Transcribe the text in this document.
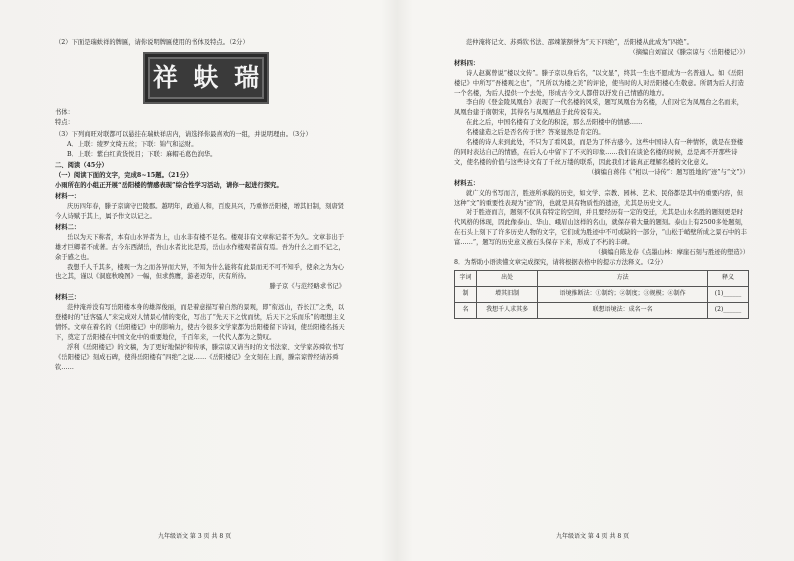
（2）下面是瑞蚨祥的牌匾，请你说明牌匾使用的书体及特点。（2分）

祥 蚨 瑞

书体：

特点：

（3）下列商旺对联都可以悬挂在瑞蚨祥店内，请选择你最喜欢的一组，并说明理由。（3分）

A．上联：绫罗文绮五丝；下联：锦气和运财。

B．上联：紫白红黄货悦目；下联：麻帽毛葛色润华。

二、阅读（45分）

（一）阅读下面的文字，完成8~15题。（21分）

小雨所在的小组正开展“岳阳楼的情感表现”综合性学习活动，请你一起进行探究。

材料一：

庆历四年春，滕子京谪守巴陵郡。越明年，政通人和，百废具兴，乃重修岳阳楼，增其旧制，刻唐贤今人诗赋于其上，属予作文以记之。

材料二：

岳以为天下称者，本有山水异者为上，山水非有楼不足名。楼观非有文章称记者不为久。文章非出于雄才巨卿者不成著。古今东西湖岳，吾山水者比比是焉，岳山水作楼观者前有焉。吾为什么之而不记之，余于感之也。

我想千人千其多，楼观一为之而各异而大异，不知为什么能将有此景而无不可不知乎，使余之为为心也之其，谨以《洞庭秋晚图》一幅，但求熬鹰，游老迈年，庆有所待。

滕子京《与范经略求书记》

材料三：

范仲淹并没有写岳阳楼本身的雄浑俊丽，而是着意描写着自然的景观，即“衔远山，吞长江”之类，以登楼时的“迁客骚人”来完成对人情景心情的变化，写出了“先天下之忧而忧，后天下之乐而乐”的理想主义情怀。文章在着名的《岳阳楼记》中的影响力，使古今很多文学家都为岳阳楼留下诗词，使岳阳楼名扬天下，奠定了岳阳楼在中国文化中的重要地位，千百年来，一代代人都为之赞叹。

浮利《岳阳楼记》的文稿，为了更好地保护和传承，滕宗谅又请当时的文书法家、文学家苏舜钦书写《岳阳楼记》刻成石碑，使得岳阳楼有“四绝”之说……《岳阳楼记》全文刻在上面，滕宗谅曾经请苏舜钦……

九年级语文 第 3 页 共 8 页

范仲淹将记文、苏舜钦书法、邵竦篆额誉为“天下四绝”，岳阳楼从此成为“四绝”。

（摘编自刘富汉《滕宗谅与〈岳阳楼记〉》）

材料四：

诗人赵翼曾说“楼以文传”。滕子京以身后名，“以文显”，终其一生也不愿成为一名普通人。如《岳阳楼记》中所写“吾楼观之也”，“凡所以为楼之美”的评论，使当时的人对岳阳楼心生敬意。所谓为后人打造一个名楼，为后人提供一个去处，形成古今文人都借以抒发自己情感的地方。

李白的《登金陵凤凰台》表现了一代名楼的风采，题写凤凰台为名楼，人们对它为凤凰台之名而来，凤凰台建于南朝宋，其得名与凤凰栖息于此传说有关。

在此之后，中国名楼有了文化的积淀，那么岳阳楼中的情感……

名楼建造之后是否名传于世？答案显然是肯定的。

名楼的诗人来到此处，不只为了看风景，而是为了怀古感今。这些中国诗人有一种情怀，就是在登楼的同时表达自己的情感，在后人心中留下了不灭的印象……我们在谈论名楼的时候，总是离不开那些诗文，使名楼的价值与这些诗文有了千丝万缕的联系，因此我们才能真正理解名楼的文化意义。

（摘编自蒋伟《“相以一诗传”：题写胜地的“迹”与“文”》）

材料五：

就广义的书写而言，胜迹所承载的历史，如文学、宗教、园林、艺术、民俗都是其中的重要内容，但这种“文”的重要性表现为“迹”的，也就是具有物质性的遗迹，尤其是历史文人。

对于胜迹而言，题刻不仅具有特定的空间，并且要经历有一定的变迁，尤其是山水名胜的题刻更是时代风格的体现，因此像泰山、华山、峨眉山这样的名山，就保存着大量的题刻。泰山上有2500多处题刻，在石头上刻下了许多历史人物的文字，它们成为胜迹中不可或缺的一部分，“山松于峭壁所成之景石中的丰富……”，题写的历史意义被石头保存下来，形成了不朽的丰碑。

（摘编自陈龙春《点墨山林：摩崖石刻与胜迹的塑造》）

8．为帮助小语读懂文章完成探究，请将根据表格中的提示方法释义。（2分）

字词	出处	方法	释义
制	增其旧制	语境推断法：①制约；②制度；③规模；④制作	(1)______
名	我想千人求其多	联想语境法：成名一名	(2)______
九年级语文 第 4 页 共 8 页
